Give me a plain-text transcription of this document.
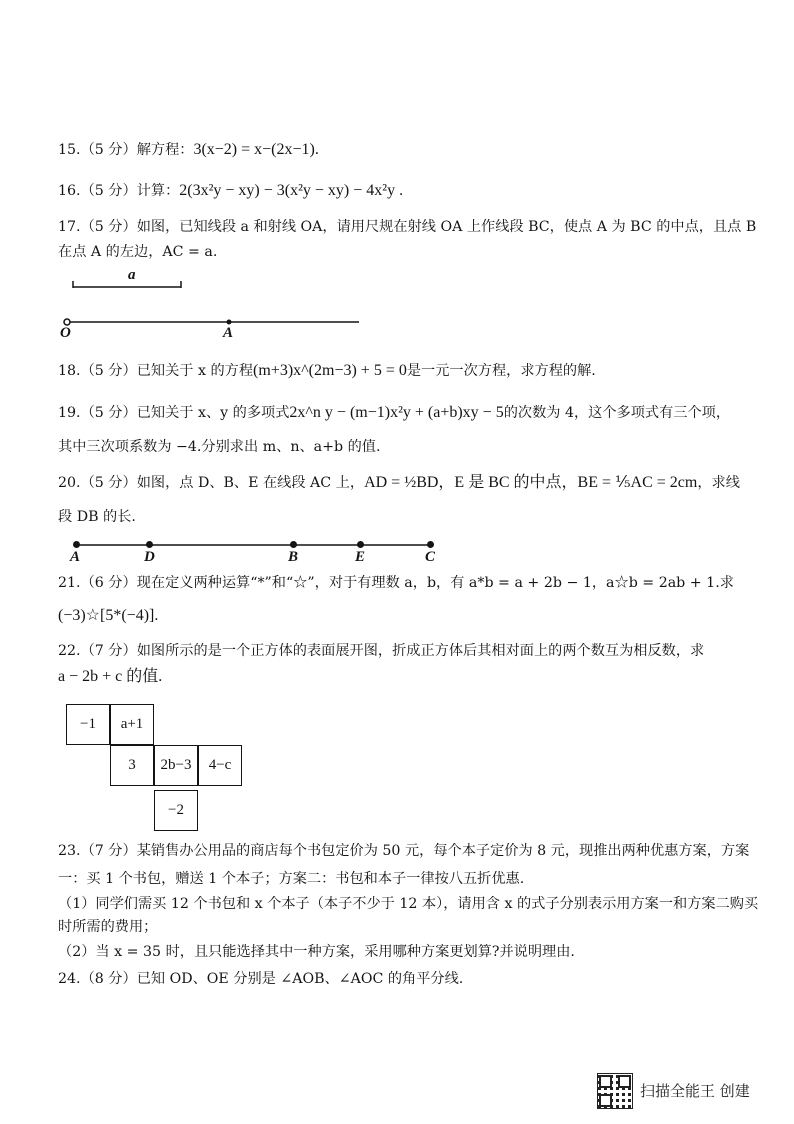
15.（5 分）解方程：3(x−2) = x−(2x−1).
16.（5 分）计算：2(3x²y − xy) − 3(x²y − xy) − 4x²y .
17.（5 分）如图，已知线段 a 和射线 OA，请用尺规在射线 OA 上作线段 BC，使点 A 为 BC 的中点，且点 B
在点 A 的左边，AC = a.
a
O	A
18.（5 分）已知关于 x 的方程(m+3)x^(2m−3) + 5 = 0是一元一次方程，求方程的解.
19.（5 分）已知关于 x、y 的多项式2x^n y − (m−1)x²y + (a+b)xy − 5的次数为 4，这个多项式有三个项，
其中三次项系数为 −4.分别求出 m、n、a+b 的值.
20.（5 分）如图，点 D、B、E 在线段 AC 上，AD = ½BD，E 是 BC 的中点，BE = ⅕AC = 2cm，求线
段 DB 的长.
A	D	B	E	C
21.（6 分）现在定义两种运算“*”和“☆”，对于有理数 a，b，有 a*b = a + 2b − 1，a☆b = 2ab + 1.求
(−3)☆[5*(−4)].
22.（7 分）如图所示的是一个正方体的表面展开图，折成正方体后其相对面上的两个数互为相反数，求
a − 2b + c 的值.
−1	a+1
3	2b−3	4−c
−2
23.（7 分）某销售办公用品的商店每个书包定价为 50 元，每个本子定价为 8 元，现推出两种优惠方案，方案
一：买 1 个书包，赠送 1 个本子；方案二：书包和本子一律按八五折优惠.
（1）同学们需买 12 个书包和 x 个本子（本子不少于 12 本），请用含 x 的式子分别表示用方案一和方案二购买
时所需的费用；
（2）当 x = 35 时，且只能选择其中一种方案，采用哪种方案更划算?并说明理由.
24.（8 分）已知 OD、OE 分别是 ∠AOB、∠AOC 的角平分线.
扫描全能王 创建
